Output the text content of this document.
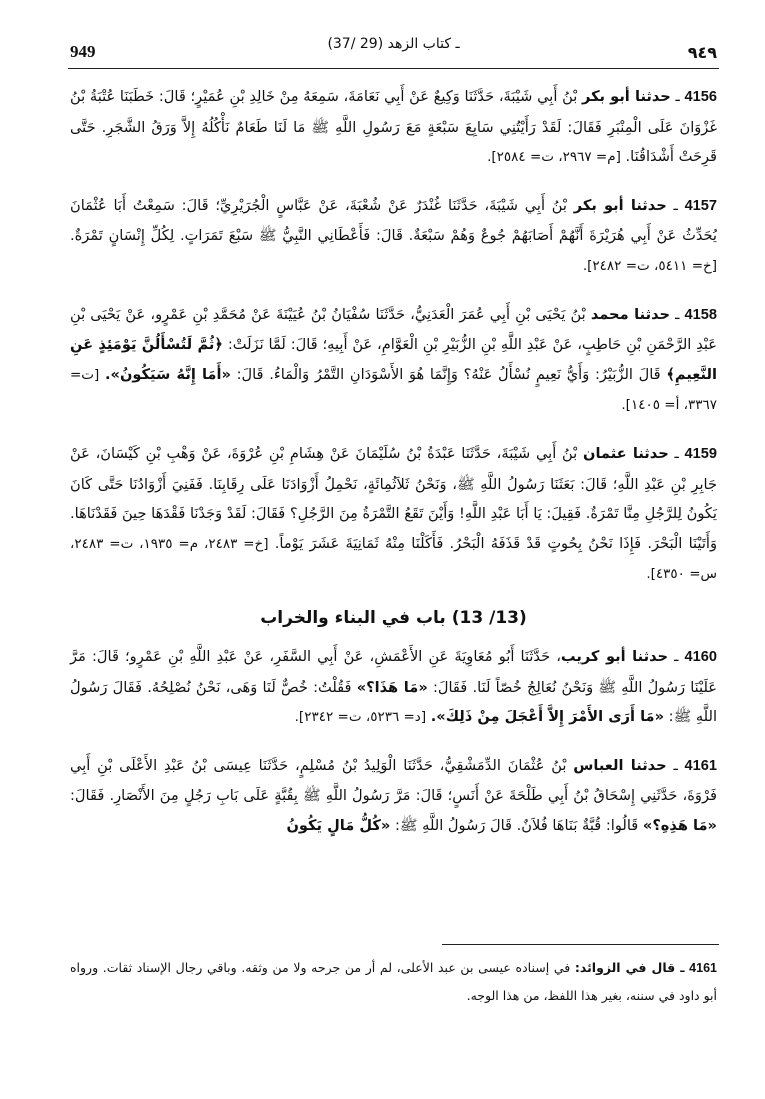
949	(37/ 29) ـ كتاب الزهد	٩٤٩

4156 ـ حدثنا أبو بكر بْنُ أَبِي شَيْبَةَ، حَدَّثَنَا وَكِيعٌ عَنْ أَبِي نَعَامَةَ، سَمِعَهُ مِنْ خَالِدِ بْنِ عُمَيْرٍ؛ قَالَ: خَطَبَنَا عُتْبَةُ بْنُ غَزْوَانَ عَلَى الْمِنْبَرِ فَقَالَ: لَقَدْ رَأَيْتُنِي سَابِعَ سَبْعَةٍ مَعَ رَسُولِ اللَّهِ ﷺ مَا لَنَا طَعَامٌ نَأْكُلُهُ إِلاَّ وَرَقُ الشَّجَرِ. حَتَّى قَرِحَتْ أَشْدَاقُنَا. [م= ٢٩٦٧، ت= ٢٥٨٤].

4157 ـ حدثنا أبو بكر بْنُ أَبِي شَيْبَةَ، حَدَّثَنَا غُنْدَرٌ عَنْ شُعْبَةَ، عَنْ عَبَّاسٍ الْجُرَيْرِيِّ؛ قَالَ: سَمِعْتُ أَبَا عُثْمَانَ يُحَدِّثُ عَنْ أَبِي هُرَيْرَةَ أَنَّهُمْ أَصَابَهُمْ جُوعٌ وَهُمْ سَبْعَةٌ. قَالَ: فَأَعْطَانِي النَّبِيُّ ﷺ سَبْعَ تَمَرَاتٍ. لِكُلِّ إِنْسَانٍ تَمْرَةٌ. [خ= ٥٤١١، ت= ٢٤٨٢].

4158 ـ حدثنا محمد بْنُ يَحْيَى بْنِ أَبِي عُمَرَ الْعَدَنِيُّ، حَدَّثَنَا سُفْيَانُ بْنُ عُيَيْنَةَ عَنْ مُحَمَّدِ بْنِ عَمْرٍو، عَنْ يَحْيَى بْنِ عَبْدِ الرَّحْمَنِ بْنِ حَاطِبٍ، عَنْ عَبْدِ اللَّهِ بْنِ الزُّبَيْرِ بْنِ الْعَوَّامِ، عَنْ أَبِيهِ؛ قَالَ: لَمَّا نَزَلَتْ: ﴿ثُمَّ لَتُسْأَلُنَّ يَوْمَئِذٍ عَنِ النَّعِيمِ﴾ قَالَ الزُّبَيْرُ: وَأَيُّ نَعِيمٍ نُسْأَلُ عَنْهُ؟ وَإِنَّمَا هُوَ الأَسْوَدَانِ التَّمْرُ وَالْمَاءُ. قَالَ: «أَمَا إِنَّهُ سَيَكُونُ». [ت= ٣٣٦٧، أ= ١٤٠٥].

4159 ـ حدثنا عثمان بْنُ أَبِي شَيْبَةَ، حَدَّثَنَا عَبْدَةُ بْنُ سُلَيْمَانَ عَنْ هِشَامِ بْنِ عُرْوَةَ، عَنْ وَهْبِ بْنِ كَيْسَانَ، عَنْ جَابِرِ بْنِ عَبْدِ اللَّهِ؛ قَالَ: بَعَثَنَا رَسُولُ اللَّهِ ﷺ، وَنَحْنُ ثَلاَثُمِائَةٍ، نَحْمِلُ أَزْوَادَنَا عَلَى رِقَابِنَا. فَفَنِيَ أَزْوَادُنَا حَتَّى كَانَ يَكُونُ لِلرَّجُلِ مِنَّا تَمْرَةٌ. فَقِيلَ: يَا أَبَا عَبْدِ اللَّهِ! وَأَيْنَ تَقَعُ التَّمْرَةُ مِنَ الرَّجُلِ؟ فَقَالَ: لَقَدْ وَجَدْنَا فَقْدَهَا حِينَ فَقَدْنَاهَا. وَأَتَيْنَا الْبَحْرَ. فَإِذَا نَحْنُ بِحُوتٍ قَدْ قَذَفَهُ الْبَحْرُ. فَأَكَلْنَا مِنْهُ ثَمَانِيَةَ عَشَرَ يَوْماً. [خ= ٢٤٨٣، م= ١٩٣٥، ت= ٢٤٨٣، س= ٤٣٥٠].

(13/ 13) باب في البناء والخراب

4160 ـ حدثنا أبو كريب، حَدَّثَنَا أَبُو مُعَاوِيَةَ عَنِ الأَعْمَشِ، عَنْ أَبِي السَّفَرِ، عَنْ عَبْدِ اللَّهِ بْنِ عَمْرٍو؛ قَالَ: مَرَّ عَلَيْنَا رَسُولُ اللَّهِ ﷺ وَنَحْنُ نُعَالِجُ خُصّاً لَنَا. فَقَالَ: «مَا هَذَا؟» فَقُلْتُ: خُصٌّ لَنَا وَهَى، نَحْنُ نُصْلِحُهُ. فَقَالَ رَسُولُ اللَّهِ ﷺ: «مَا أَرَى الأَمْرَ إِلاَّ أَعْجَلَ مِنْ ذَلِكَ». [د= ٥٢٣٦، ت= ٢٣٤٢].

4161 ـ حدثنا العباس بْنُ عُثْمَانَ الدِّمَشْقِيُّ، حَدَّثَنَا الْوَلِيدُ بْنُ مُسْلِمٍ، حَدَّثَنَا عِيسَى بْنُ عَبْدِ الأَعْلَى بْنِ أَبِي فَرْوَةَ، حَدَّثَنِي إِسْحَاقُ بْنُ أَبِي طَلْحَةَ عَنْ أَنَسٍ؛ قَالَ: مَرَّ رَسُولُ اللَّهِ ﷺ بِقُبَّةٍ عَلَى بَابِ رَجُلٍ مِنَ الأَنْصَارِ. فَقَالَ: «مَا هَذِهِ؟» قَالُوا: قُبَّةٌ بَنَاهَا فُلاَنٌ. قَالَ رَسُولُ اللَّهِ ﷺ: «كُلُّ مَالٍ يَكُونُ

4161 ـ قال في الزوائد: في إسناده عيسى بن عبد الأعلى، لم أر من جرحه ولا من وثقه. وباقي رجال الإسناد ثقات. ورواه أبو داود في سننه، بغير هذا اللفظ، من هذا الوجه.
